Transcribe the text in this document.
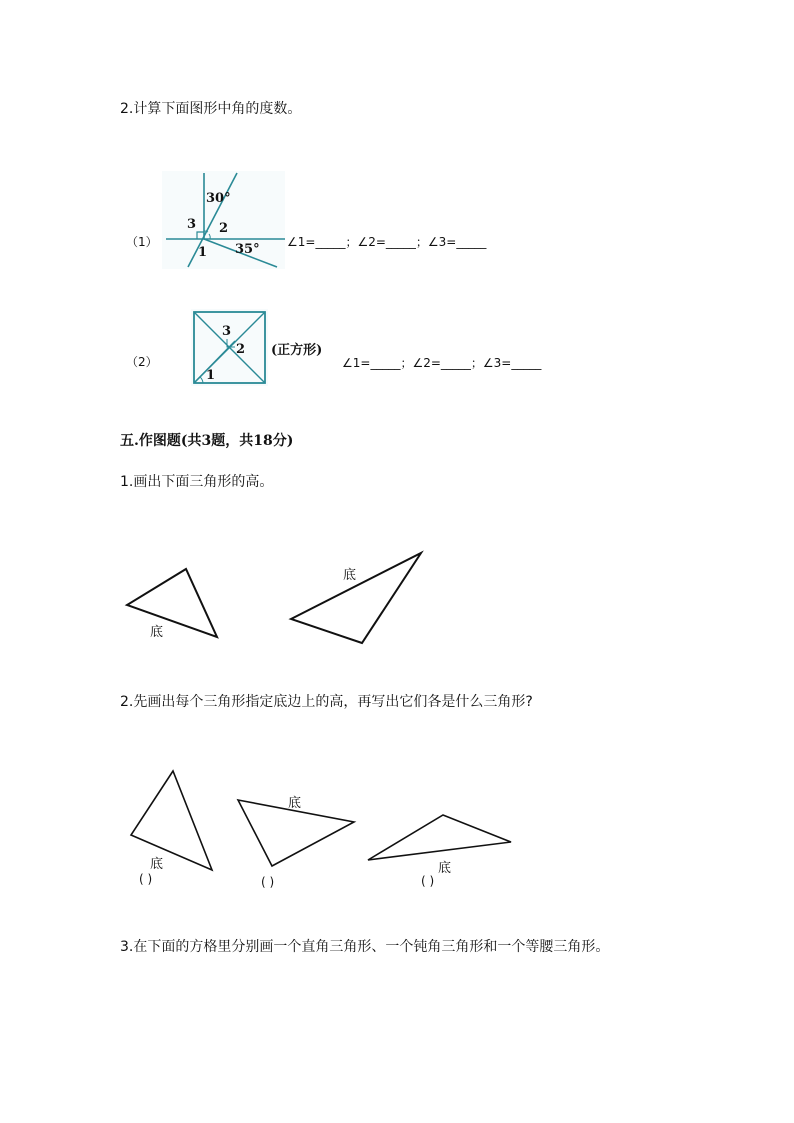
2.计算下面图形中角的度数。
（1）
30°
3 2
1 35° ∠1=_____；∠2=_____；∠3=_____
（2）
3
2
1
(正方形)
∠1=_____；∠2=_____；∠3=_____
五.作图题(共3题，共18分)
1.画出下面三角形的高。
底
底
2.先画出每个三角形指定底边上的高，再写出它们各是什么三角形?
底
底
底
( )	( )	( )
3.在下面的方格里分别画一个直角三角形、一个钝角三角形和一个等腰三角形。
